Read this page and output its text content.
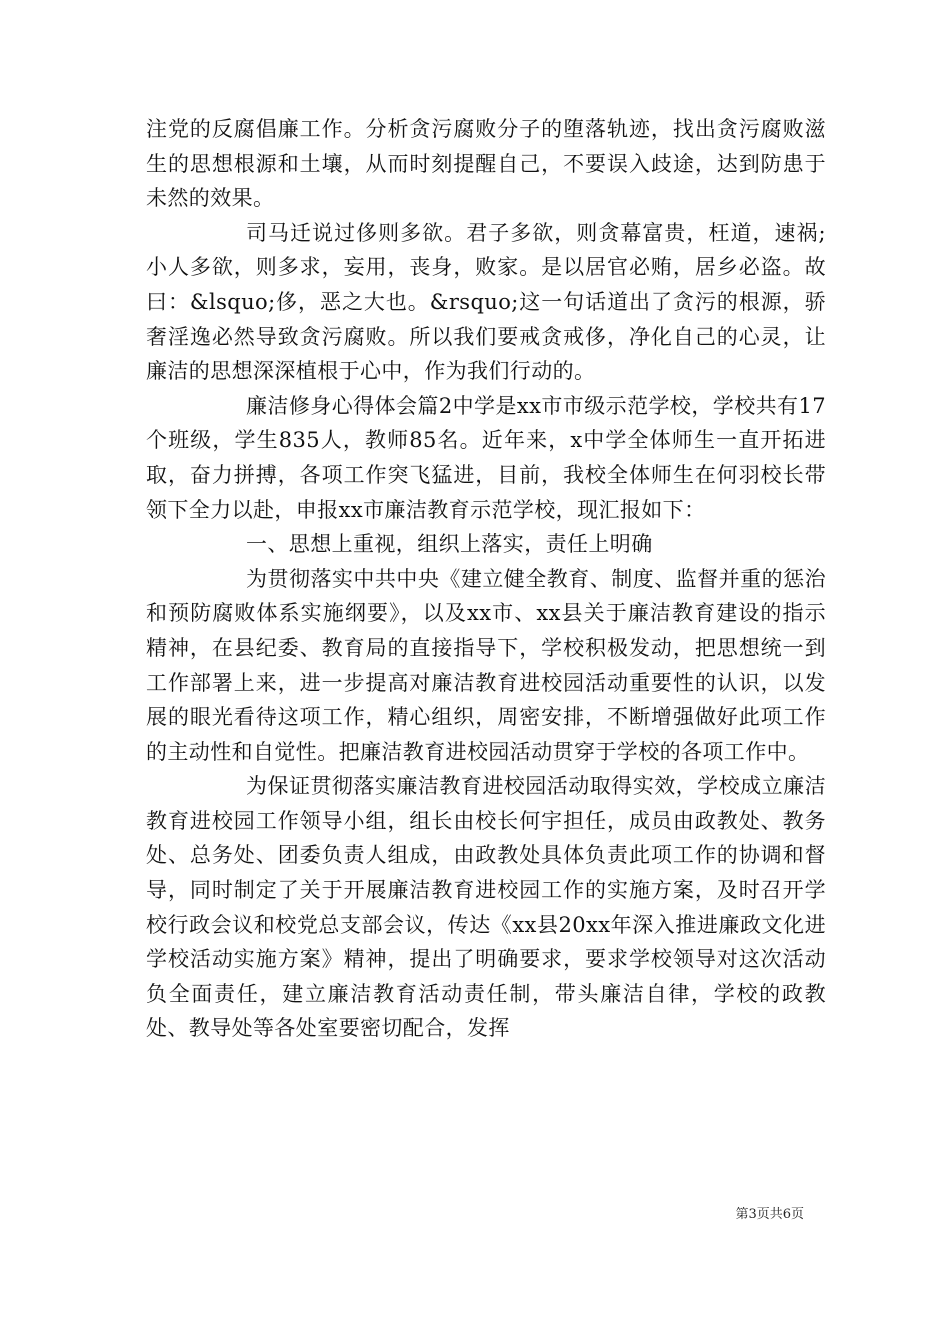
注党的反腐倡廉工作。分析贪污腐败分子的堕落轨迹，找出贪污腐败滋生的思想根源和土壤，从而时刻提醒自己，不要误入歧途，达到防患于未然的效果。

司马迁说过侈则多欲。君子多欲，则贪幕富贵，枉道，速祸;小人多欲，则多求，妄用，丧身，败家。是以居官必贿，居乡必盗。故曰：&lsquo;侈，恶之大也。&rsquo;这一句话道出了贪污的根源，骄奢淫逸必然导致贪污腐败。所以我们要戒贪戒侈，净化自己的心灵，让廉洁的思想深深植根于心中，作为我们行动的。

廉洁修身心得体会篇2中学是xx市市级示范学校，学校共有17个班级，学生835人，教师85名。近年来，x中学全体师生一直开拓进取，奋力拼搏，各项工作突飞猛进，目前，我校全体师生在何羽校长带领下全力以赴，申报xx市廉洁教育示范学校，现汇报如下：

一、思想上重视，组织上落实，责任上明确

为贯彻落实中共中央《建立健全教育、制度、监督并重的惩治和预防腐败体系实施纲要》，以及xx市、xx县关于廉洁教育建设的指示精神，在县纪委、教育局的直接指导下，学校积极发动，把思想统一到工作部署上来，进一步提高对廉洁教育进校园活动重要性的认识，以发展的眼光看待这项工作，精心组织，周密安排，不断增强做好此项工作的主动性和自觉性。把廉洁教育进校园活动贯穿于学校的各项工作中。

为保证贯彻落实廉洁教育进校园活动取得实效，学校成立廉洁教育进校园工作领导小组，组长由校长何宇担任，成员由政教处、教务处、总务处、团委负责人组成，由政教处具体负责此项工作的协调和督导，同时制定了关于开展廉洁教育进校园工作的实施方案，及时召开学校行政会议和校党总支部会议，传达《xx县20xx年深入推进廉政文化进学校活动实施方案》精神，提出了明确要求，要求学校领导对这次活动负全面责任，建立廉洁教育活动责任制，带头廉洁自律，学校的政教处、教导处等各处室要密切配合，发挥

第3页共6页
